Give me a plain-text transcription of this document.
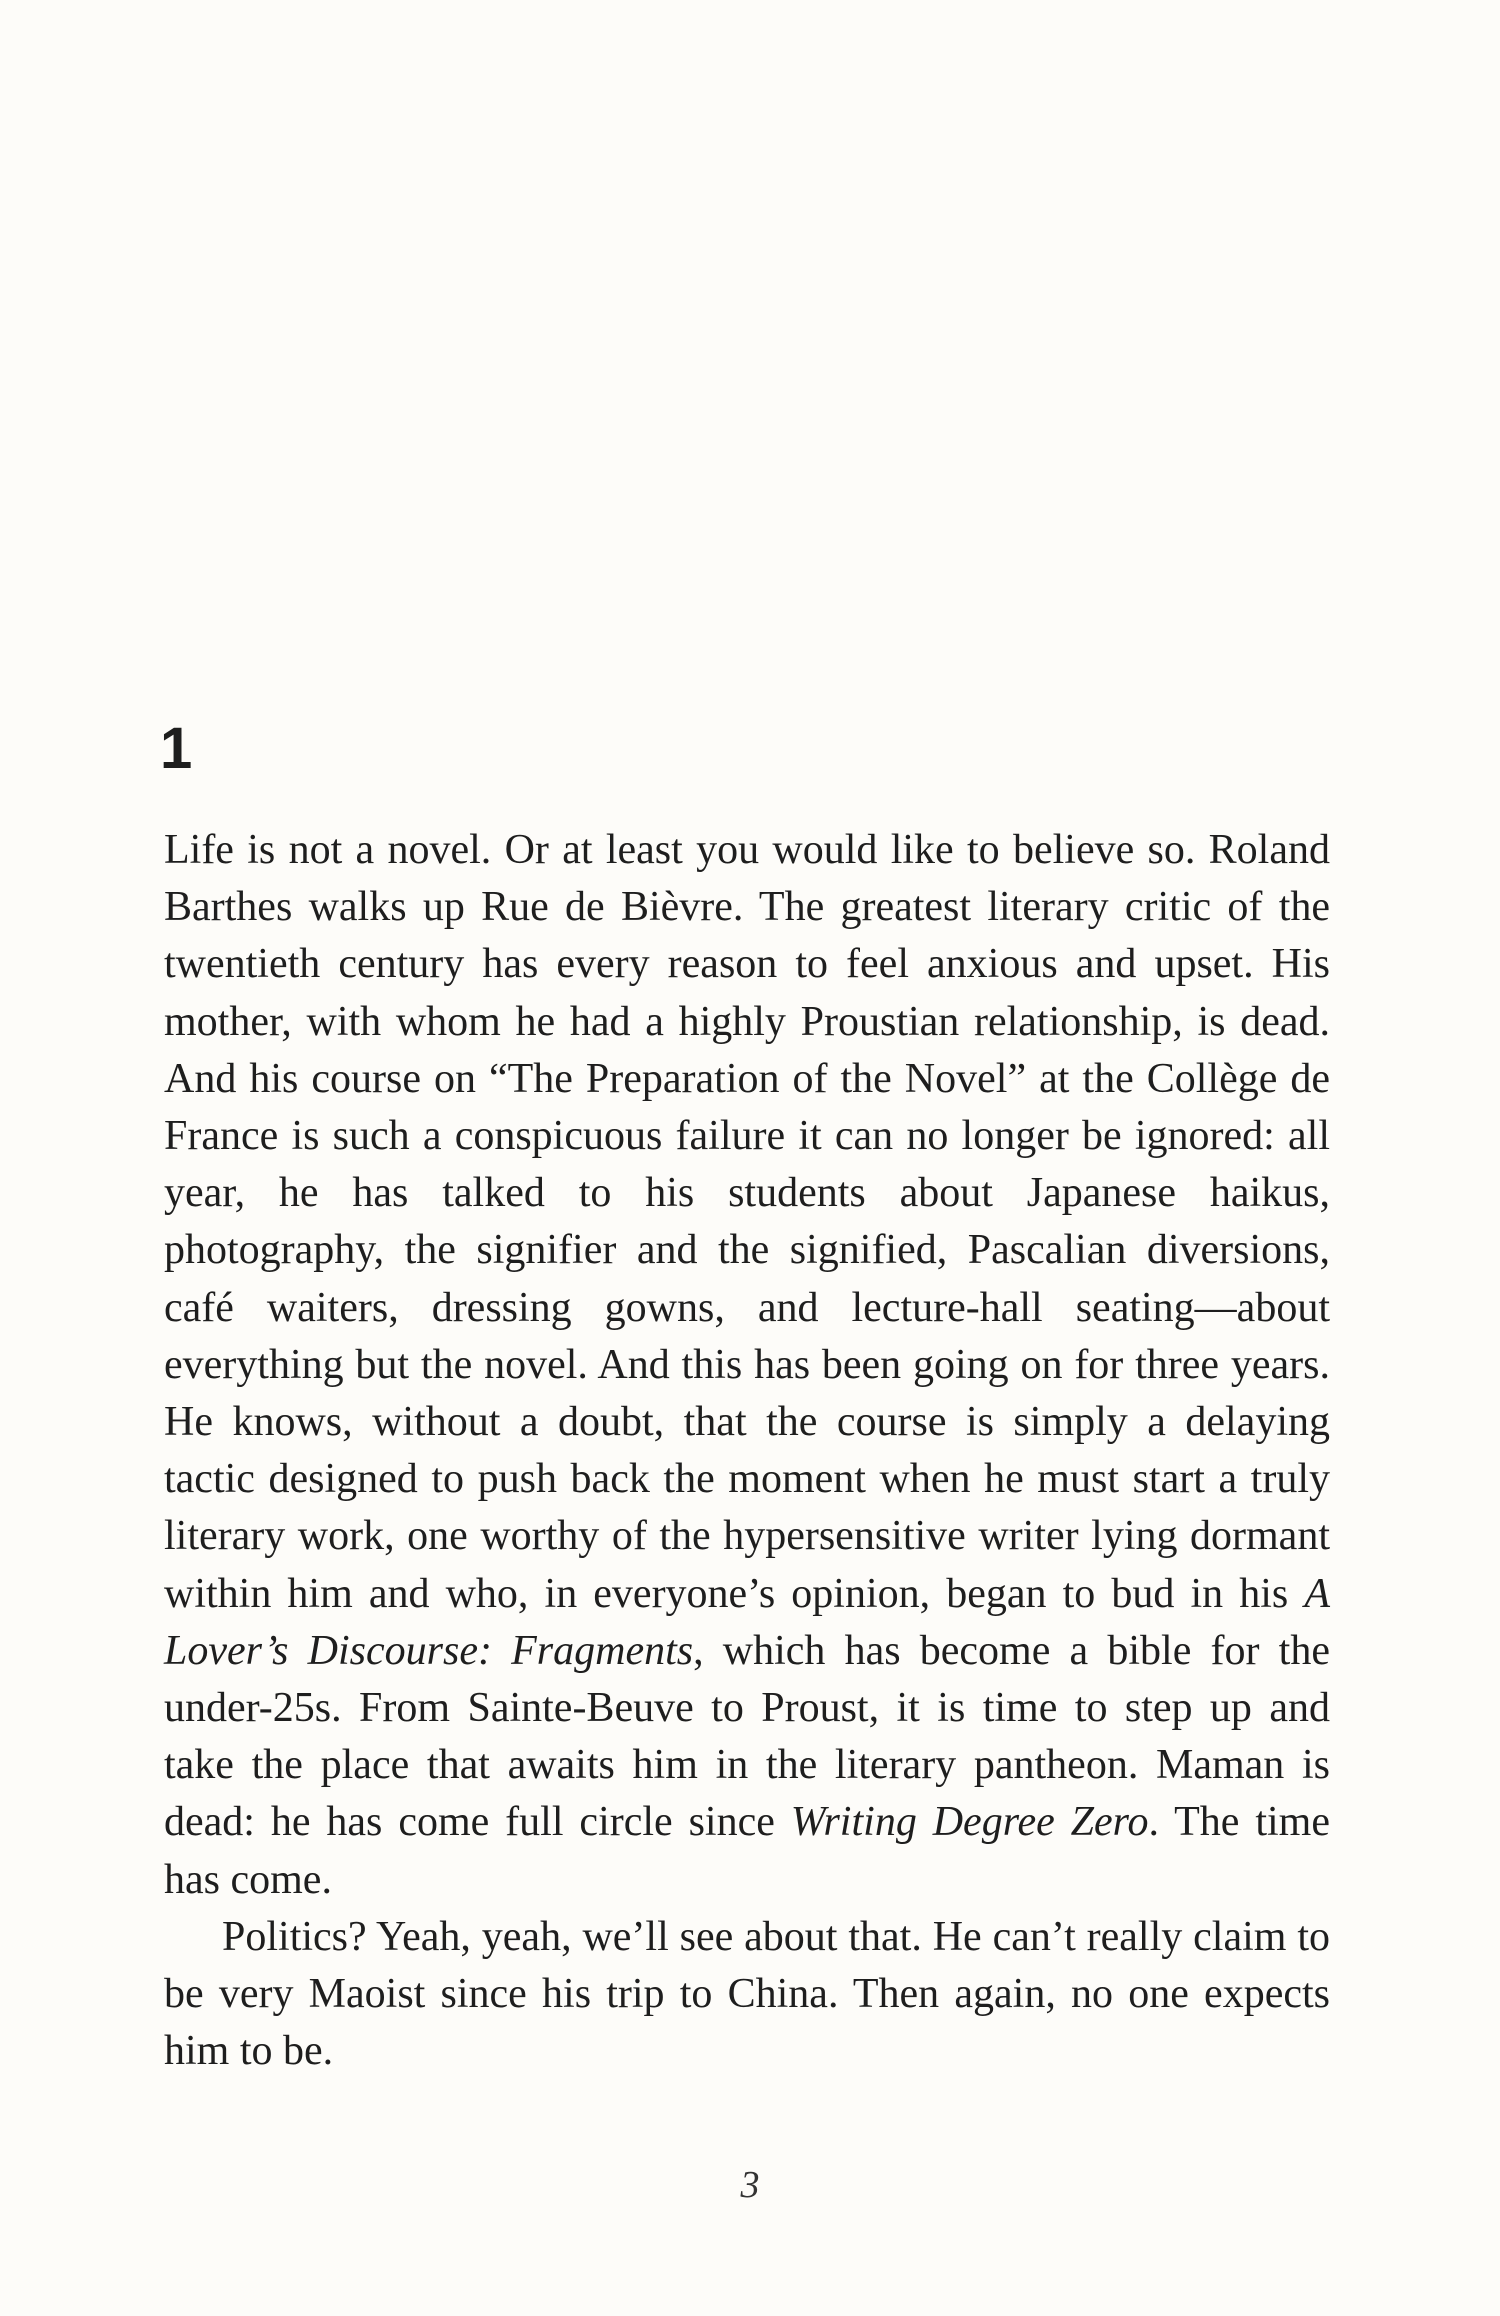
1

Life is not a novel. Or at least you would like to believe so. Roland Barthes walks up Rue de Bièvre. The greatest literary critic of the twentieth century has every reason to feel anxious and upset. His mother, with whom he had a highly Proustian relationship, is dead. And his course on “The Preparation of the Novel” at the Collège de France is such a conspicuous failure it can no longer be ignored: all year, he has talked to his students about Japanese haikus, photography, the signifier and the signified, Pascalian diversions, café waiters, dressing gowns, and lecture-hall seating—about everything but the novel. And this has been going on for three years. He knows, without a doubt, that the course is simply a delaying tactic designed to push back the moment when he must start a truly literary work, one worthy of the hypersensitive writer lying dormant within him and who, in everyone’s opinion, began to bud in his A Lover’s Discourse: Fragments, which has become a bible for the under-25s. From Sainte-Beuve to Proust, it is time to step up and take the place that awaits him in the literary pantheon. Maman is dead: he has come full circle since Writing Degree Zero. The time has come.

Politics? Yeah, yeah, we’ll see about that. He can’t really claim to be very Maoist since his trip to China. Then again, no one expects him to be.

3
